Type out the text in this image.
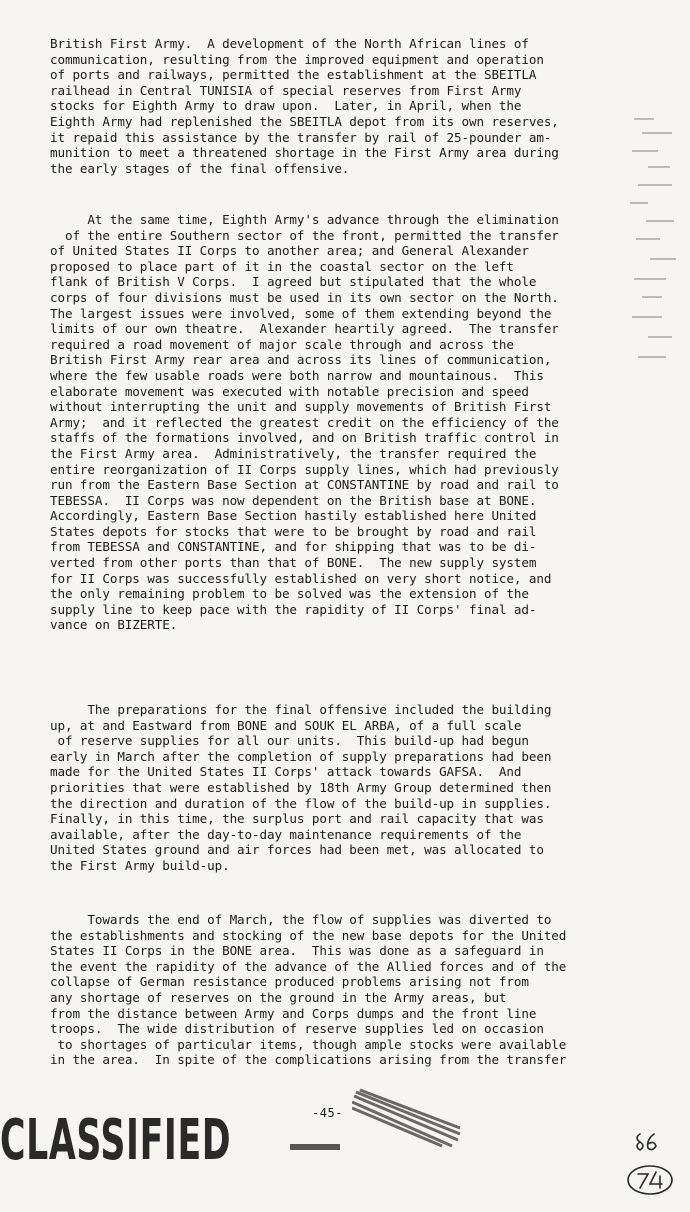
British First Army.  A development of the North African lines of
communication, resulting from the improved equipment and operation
of ports and railways, permitted the establishment at the SBEITLA
railhead in Central TUNISIA of special reserves from First Army
stocks for Eighth Army to draw upon.  Later, in April, when the
Eighth Army had replenished the SBEITLA depot from its own reserves,
it repaid this assistance by the transfer by rail of 25-pounder am-
munition to meet a threatened shortage in the First Army area during
the early stages of the final offensive.
At the same time, Eighth Army's advance through the elimination
of the entire Southern sector of the front, permitted the transfer
of United States II Corps to another area; and General Alexander
proposed to place part of it in the coastal sector on the left
flank of British V Corps.  I agreed but stipulated that the whole
corps of four divisions must be used in its own sector on the North.
The largest issues were involved, some of them extending beyond the
limits of our own theatre.  Alexander heartily agreed.  The transfer
required a road movement of major scale through and across the
British First Army rear area and across its lines of communication,
where the few usable roads were both narrow and mountainous.  This
elaborate movement was executed with notable precision and speed
without interrupting the unit and supply movements of British First
Army;  and it reflected the greatest credit on the efficiency of the
staffs of the formations involved, and on British traffic control in
the First Army area.  Administratively, the transfer required the
entire reorganization of II Corps supply lines, which had previously
run from the Eastern Base Section at CONSTANTINE by road and rail to
TEBESSA.  II Corps was now dependent on the British base at BONE.
Accordingly, Eastern Base Section hastily established here United
States depots for stocks that were to be brought by road and rail
from TEBESSA and CONSTANTINE, and for shipping that was to be di-
verted from other ports than that of BONE.  The new supply system
for II Corps was successfully established on very short notice, and
the only remaining problem to be solved was the extension of the
supply line to keep pace with the rapidity of II Corps' final ad-
vance on BIZERTE.
The preparations for the final offensive included the building
up, at and Eastward from BONE and SOUK EL ARBA, of a full scale
of reserve supplies for all our units.  This build-up had begun
early in March after the completion of supply preparations had been
made for the United States II Corps' attack towards GAFSA.  And
priorities that were established by 18th Army Group determined then
the direction and duration of the flow of the build-up in supplies.
Finally, in this time, the surplus port and rail capacity that was
available, after the day-to-day maintenance requirements of the
United States ground and air forces had been met, was allocated to
the First Army build-up.
Towards the end of March, the flow of supplies was diverted to
the establishments and stocking of the new base depots for the United
States II Corps in the BONE area.  This was done as a safeguard in
the event the rapidity of the advance of the Allied forces and of the
collapse of German resistance produced problems arising not from
any shortage of reserves on the ground in the Army areas, but
from the distance between Army and Corps dumps and the front line
troops.  The wide distribution of reserve supplies led on occasion
to shortages of particular items, though ample stocks were available
in the area.  In spite of the complications arising from the transfer
-45-
CLASSIFIED
